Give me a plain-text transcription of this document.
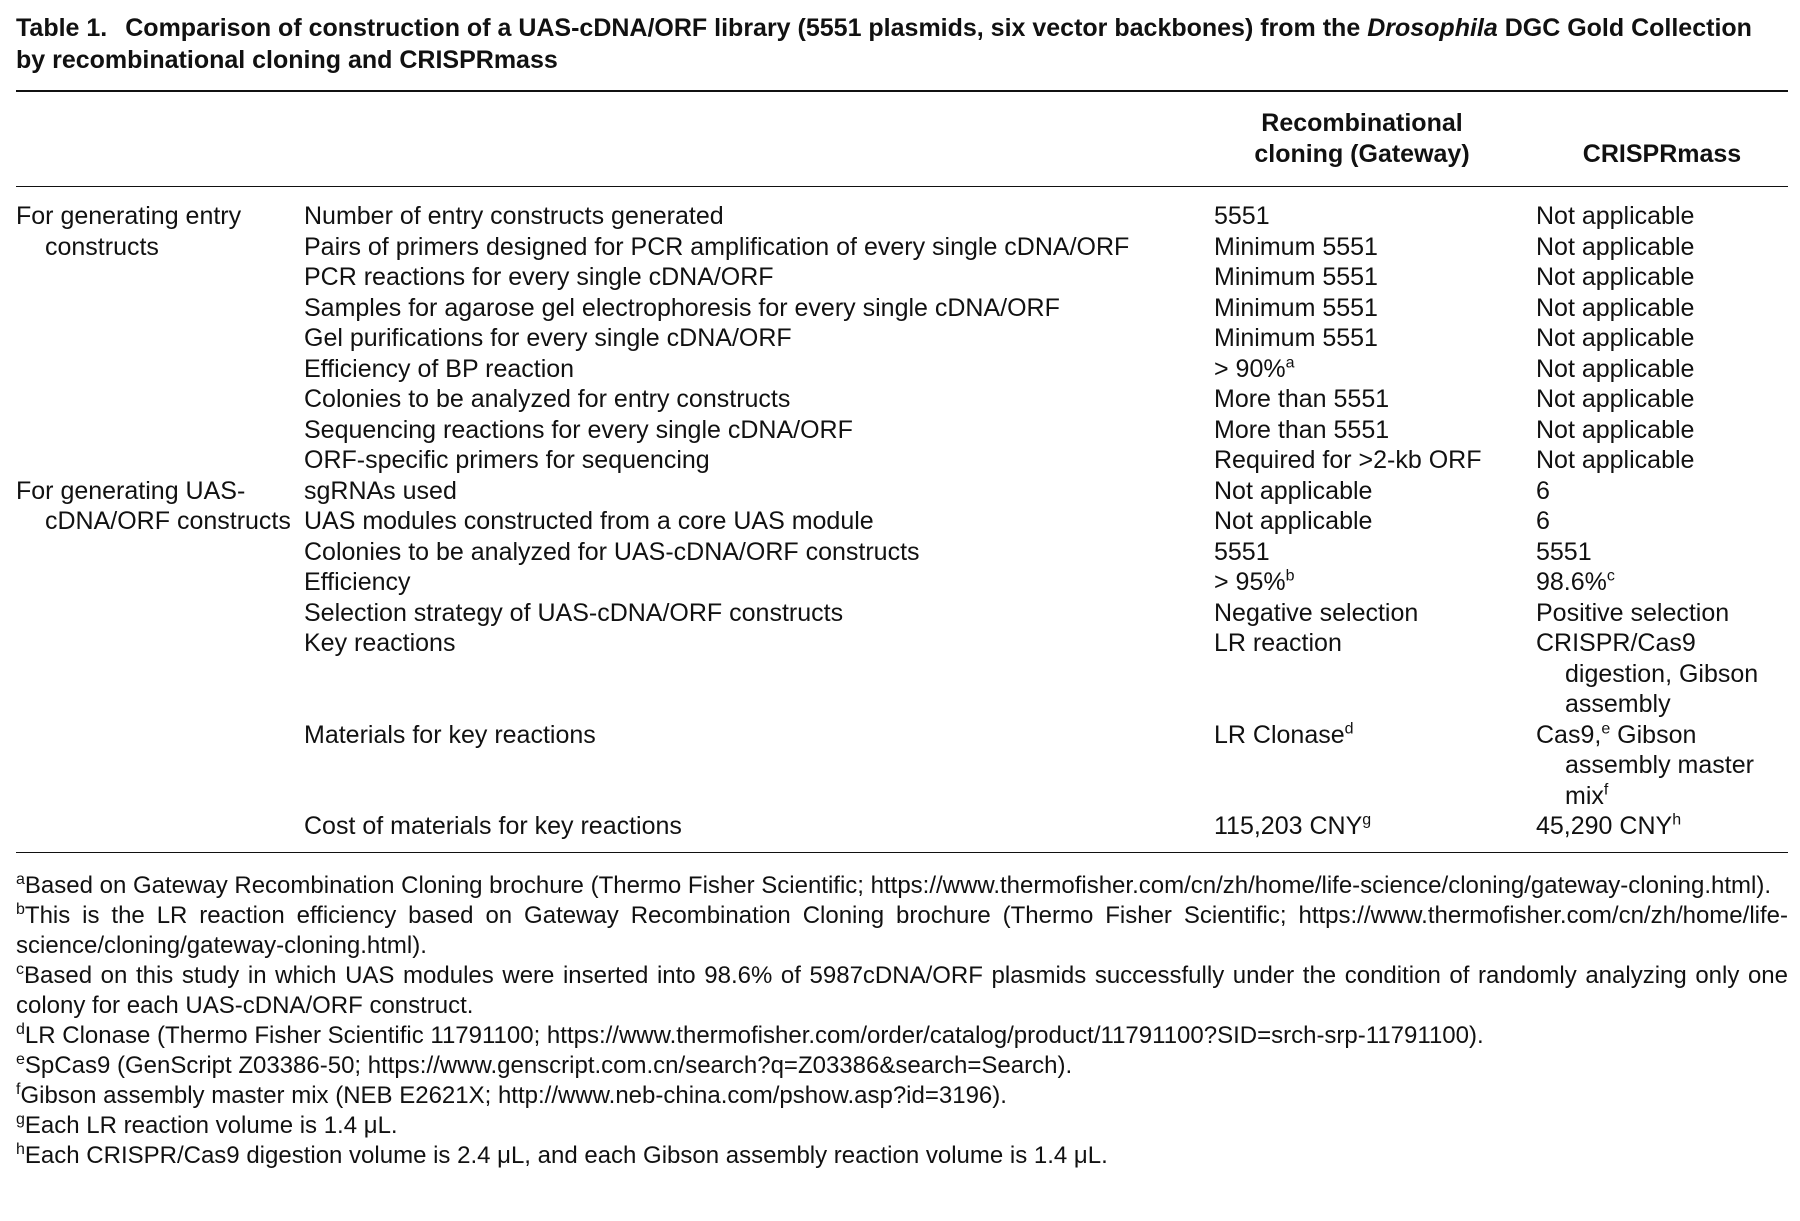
Table 1. Comparison of construction of a UAS-cDNA/ORF library (5551 plasmids, six vector backbones) from the Drosophila DGC Gold Collection by recombinational cloning and CRISPRmass
		Recombinational cloning (Gateway)	CRISPRmass

For generating entry constructs	Number of entry constructs generated	5551	Not applicable
	Pairs of primers designed for PCR amplification of every single cDNA/ORF	Minimum 5551	Not applicable
	PCR reactions for every single cDNA/ORF	Minimum 5551	Not applicable
	Samples for agarose gel electrophoresis for every single cDNA/ORF	Minimum 5551	Not applicable
	Gel purifications for every single cDNA/ORF	Minimum 5551	Not applicable
	Efficiency of BP reaction	> 90%$^a$	Not applicable
	Colonies to be analyzed for entry constructs	More than 5551	Not applicable
	Sequencing reactions for every single cDNA/ORF	More than 5551	Not applicable
	ORF-specific primers for sequencing	Required for >2-kb ORF	Not applicable

For generating UAS-cDNA/ORF constructs	sgRNAs used	Not applicable	6
	UAS modules constructed from a core UAS module	Not applicable	6
	Colonies to be analyzed for UAS-cDNA/ORF constructs	5551	5551
	Efficiency	> 95%$^b$	98.6%$^c$
	Selection strategy of UAS-cDNA/ORF constructs	Negative selection	Positive selection
	Key reactions	LR reaction	CRISPR/Cas9 digestion, Gibson assembly

	Materials for key reactions	LR Clonase$^d$	Cas9,$^e$ Gibson assembly master mix$^f$

	Cost of materials for key reactions	115,203 CNY$^g$	45,290 CNY$^h$

$^a$Based on Gateway Recombination Cloning brochure (Thermo Fisher Scientific; https://www.thermofisher.com/cn/zh/home/life-science/cloning/gateway-cloning.html).

$^b$This is the LR reaction efficiency based on Gateway Recombination Cloning brochure (Thermo Fisher Scientific; https://www.thermofisher.com/cn/zh/home/life-science/cloning/gateway-cloning.html).

$^c$Based on this study in which UAS modules were inserted into 98.6% of 5987cDNA/ORF plasmids successfully under the condition of randomly analyzing only one colony for each UAS-cDNA/ORF construct.

$^d$LR Clonase (Thermo Fisher Scientific 11791100; https://www.thermofisher.com/order/catalog/product/11791100?SID=srch-srp-11791100).

$^e$SpCas9 (GenScript Z03386-50; https://www.genscript.com.cn/search?q=Z03386&search=Search).

$^f$Gibson assembly master mix (NEB E2621X; http://www.neb-china.com/pshow.asp?id=3196).

$^g$Each LR reaction volume is 1.4 μL.

$^h$Each CRISPR/Cas9 digestion volume is 2.4 μL, and each Gibson assembly reaction volume is 1.4 μL.
